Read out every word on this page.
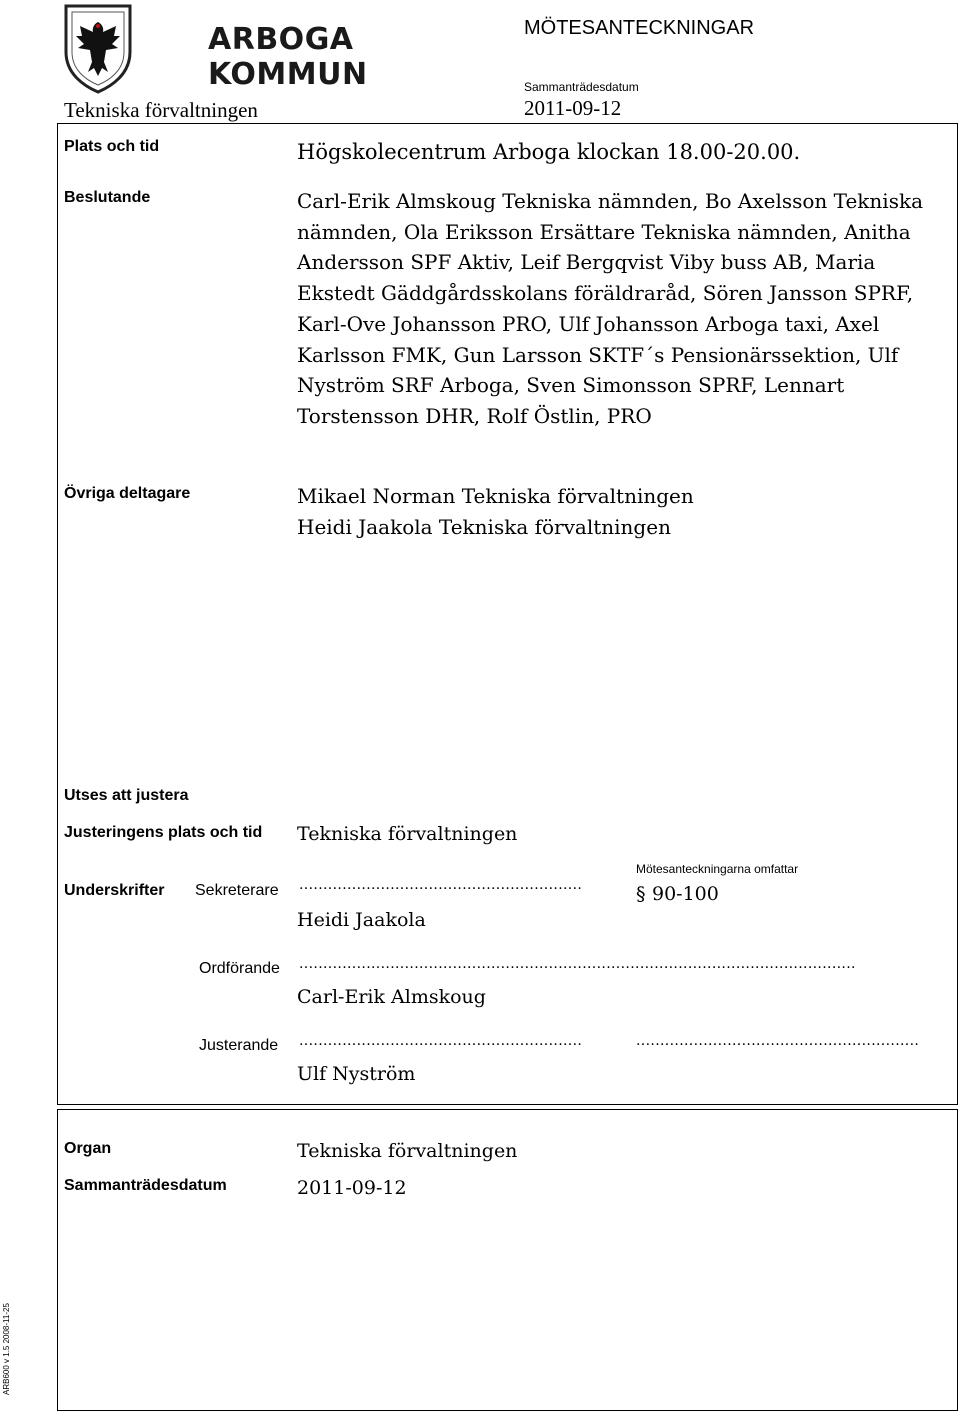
ARBOGA KOMMUN
MÖTESANTECKNINGAR
Tekniska förvaltningen
Sammanträdesdatum
2011-09-12
Plats och tid	Högskolecentrum Arboga klockan 18.00-20.00.
Beslutande	Carl-Erik Almskoug Tekniska nämnden, Bo Axelsson Tekniska nämnden, Ola Eriksson Ersättare Tekniska nämnden, Anitha Andersson SPF Aktiv, Leif Bergqvist Viby buss AB, Maria Ekstedt Gäddgårdsskolans föräldraråd, Sören Jansson SPRF, Karl-Ove Johansson PRO, Ulf Johansson Arboga taxi, Axel Karlsson FMK, Gun Larsson SKTF´s Pensionärssektion, Ulf Nyström SRF Arboga, Sven Simonsson SPRF, Lennart Torstensson DHR, Rolf Östlin, PRO
Övriga deltagare	Mikael Norman Tekniska förvaltningen
Heidi Jaakola Tekniska förvaltningen
Utses att justera
Justeringens plats och tid Tekniska förvaltningen
Mötesanteckningarna omfattar
§ 90-100
Underskrifter Sekreterare ...........................................................
Heidi Jaakola
Ordförande ....................................................................................................................
Carl-Erik Almskoug
Justerande ...........................................................	...........................................................
Ulf Nyström
Organ	Tekniska förvaltningen
Sammanträdesdatum	2011-09-12
ARB600 v 1.5 2008-11-25
